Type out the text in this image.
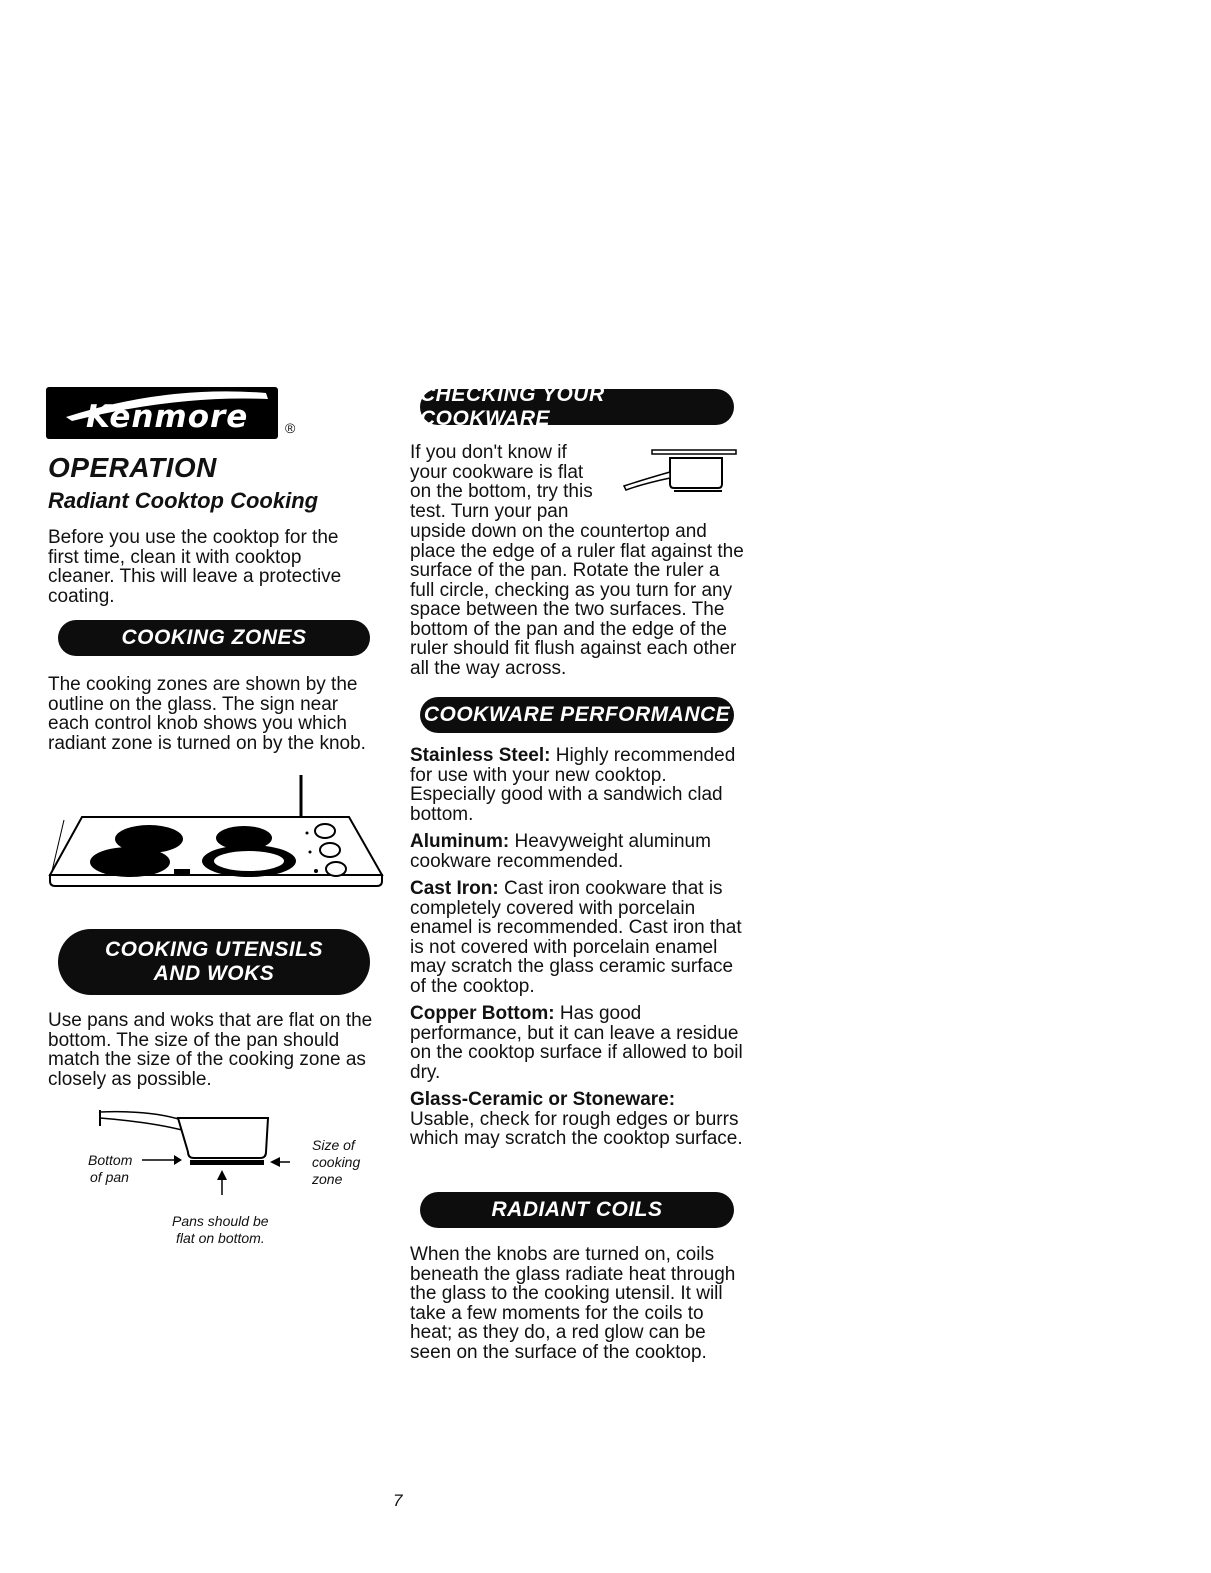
Kenmore	®
OPERATION
Radiant Cooktop Cooking

Before you use the cooktop for the first time, clean it with cooktop cleaner. This will leave a protective coating.

COOKING ZONES

The cooking zones are shown by the outline on the glass. The sign near each control knob shows you which radiant zone is turned on by the knob.

COOKING UTENSILS
AND WOKS

Use pans and woks that are flat on the bottom. The size of the pan should match the size of the cooking zone as closely as possible.

Bottom
of pan
Size of
cooking
zone
Pans should be
flat on bottom.
CHECKING YOUR COOKWARE
If you don't know if
your cookware is flat
on the bottom, try this
test. Turn your pan

upside down on the countertop and place the edge of a ruler flat against the surface of the pan. Rotate the ruler a full circle, checking as you turn for any space between the two surfaces. The bottom of the pan and the edge of the ruler should fit flush against each other all the way across.

COOKWARE PERFORMANCE

Stainless Steel: Highly recommended for use with your new cooktop. Especially good with a sandwich clad bottom.

Aluminum: Heavyweight aluminum cookware recommended.

Cast Iron: Cast iron cookware that is completely covered with porcelain enamel is recommended. Cast iron that is not covered with porcelain enamel may scratch the glass ceramic surface of the cooktop.

Copper Bottom: Has good performance, but it can leave a residue on the cooktop surface if allowed to boil dry.

Glass-Ceramic or Stoneware:
Usable, check for rough edges or burrs which may scratch the cooktop surface.

RADIANT COILS

When the knobs are turned on, coils beneath the glass radiate heat through the glass to the cooking utensil. It will take a few moments for the coils to heat; as they do, a red glow can be seen on the surface of the cooktop.

7
